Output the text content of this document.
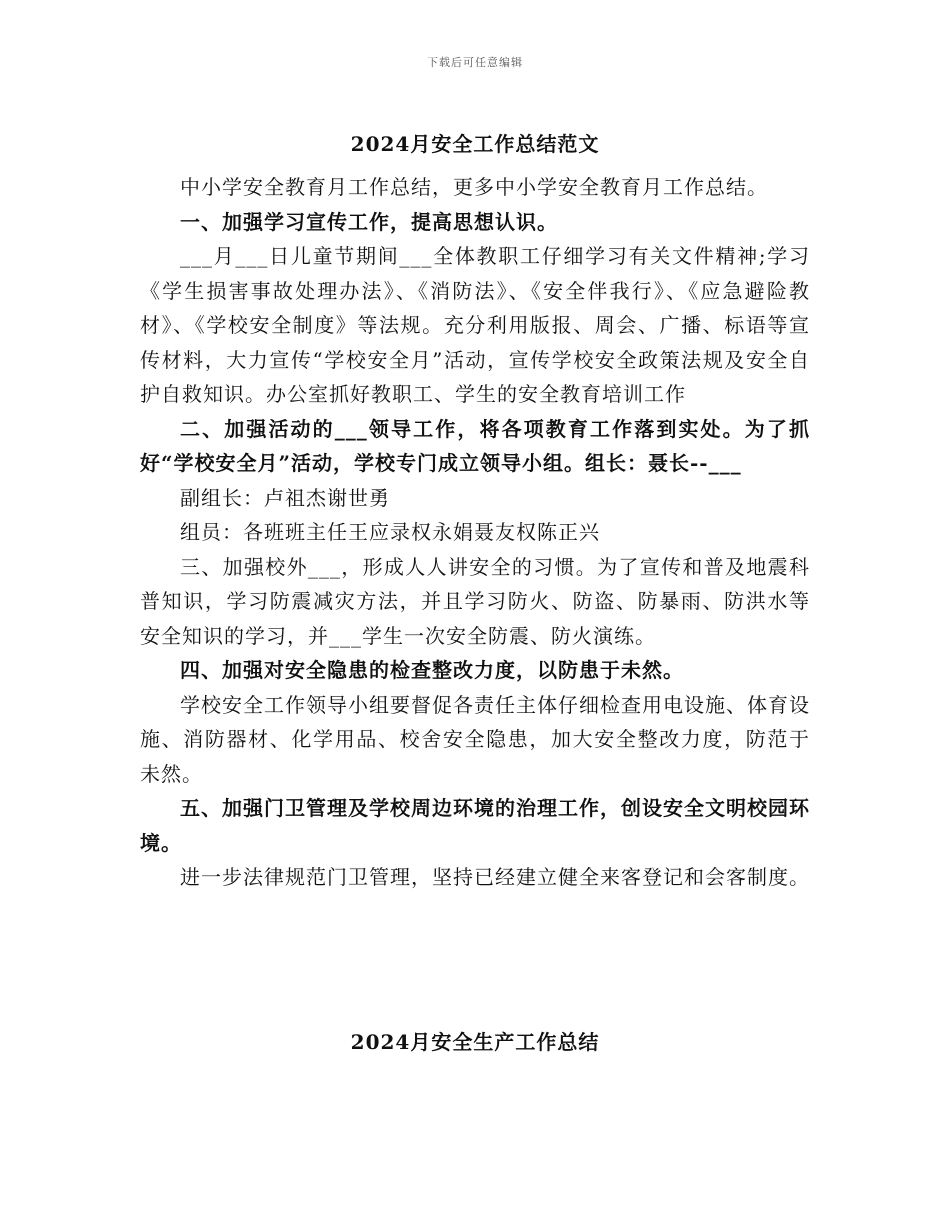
下载后可任意编辑
2024月安全工作总结范文

中小学安全教育月工作总结，更多中小学安全教育月工作总结。

一、加强学习宣传工作，提高思想认识。

___月___日儿童节期间___全体教职工仔细学习有关文件精神;学习《学生损害事故处理办法》、《消防法》、《安全伴我行》、《应急避险教材》、《学校安全制度》等法规。充分利用版报、周会、广播、标语等宣传材料，大力宣传“学校安全月”活动，宣传学校安全政策法规及安全自护自救知识。办公室抓好教职工、学生的安全教育培训工作

二、加强活动的___领导工作，将各项教育工作落到实处。为了抓好“学校安全月”活动，学校专门成立领导小组。组长：聂长--___

副组长：卢祖杰谢世勇

组员：各班班主任王应录权永娟聂友权陈正兴

三、加强校外___，形成人人讲安全的习惯。为了宣传和普及地震科普知识，学习防震减灾方法，并且学习防火、防盗、防暴雨、防洪水等安全知识的学习，并___学生一次安全防震、防火演练。

四、加强对安全隐患的检查整改力度，以防患于未然。

学校安全工作领导小组要督促各责任主体仔细检查用电设施、体育设施、消防器材、化学用品、校舍安全隐患，加大安全整改力度，防范于未然。

五、加强门卫管理及学校周边环境的治理工作，创设安全文明校园环境。

进一步法律规范门卫管理，坚持已经建立健全来客登记和会客制度。

2024月安全生产工作总结
